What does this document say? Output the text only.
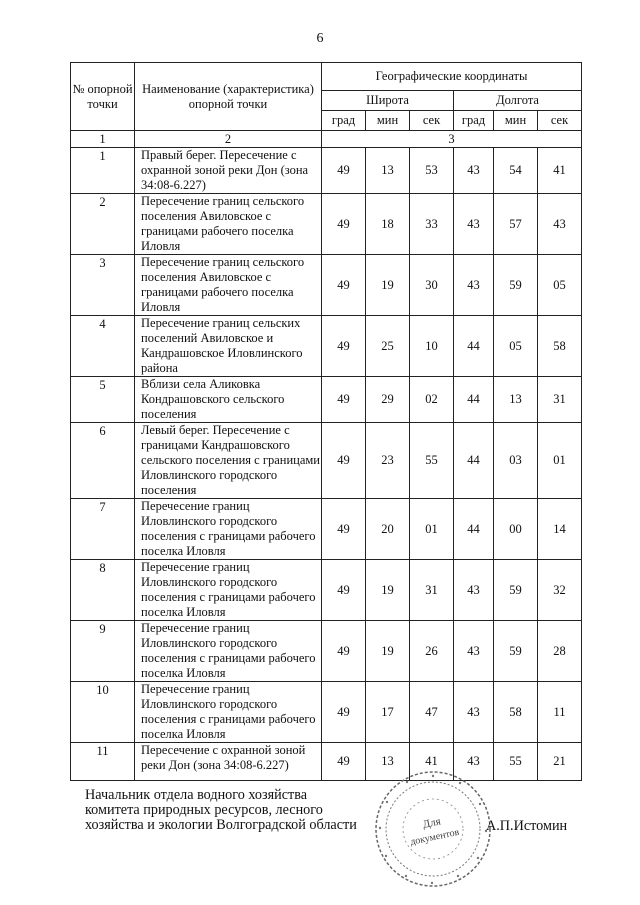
6
№ опорной точки	Наименование (характеристика) опорной точки	Географические координаты					
		Широта			Долгота		
		град	мин	сек	град	мин	сек
1	2	3					
1	Правый берег. Пересечение с охранной зоной реки Дон (зона 34:08-6.227)	49	13	53	43	54	41
2	Пересечение границ сельского поселения Авиловское с границами рабочего поселка Иловля	49	18	33	43	57	43
3	Пересечение границ сельского поселения Авиловское с границами рабочего поселка Иловля	49	19	30	43	59	05
4	Пересечение границ сельских поселений Авиловское и Кандрашовское Иловлинского района	49	25	10	44	05	58
5	Вблизи села Аликовка Кондрашовского сельского поселения	49	29	02	44	13	31
6	Левый берег. Пересечение с границами Кандрашовского сельского поселения с границами Иловлинского городского поселения	49	23	55	44	03	01
7	Перечесение границ Иловлинского городского поселения с границами рабочего поселка Иловля	49	20	01	44	00	14
8	Перечесение границ Иловлинского городского поселения с границами рабочего поселка Иловля	49	19	31	43	59	32
9	Перечесение границ Иловлинского городского поселения с границами рабочего поселка Иловля	49	19	26	43	59	28
10	Перечесение границ Иловлинского городского поселения с границами рабочего поселка Иловля	49	17	47	43	58	11
11	Пересечение с охранной зоной реки Дон (зона 34:08-6.227)	49	13	41	43	55	21
Начальник отдела водного хозяйства
комитета природных ресурсов, лесного
хозяйства и экологии Волгоградской области	Для
документов
А.П.Истомин
